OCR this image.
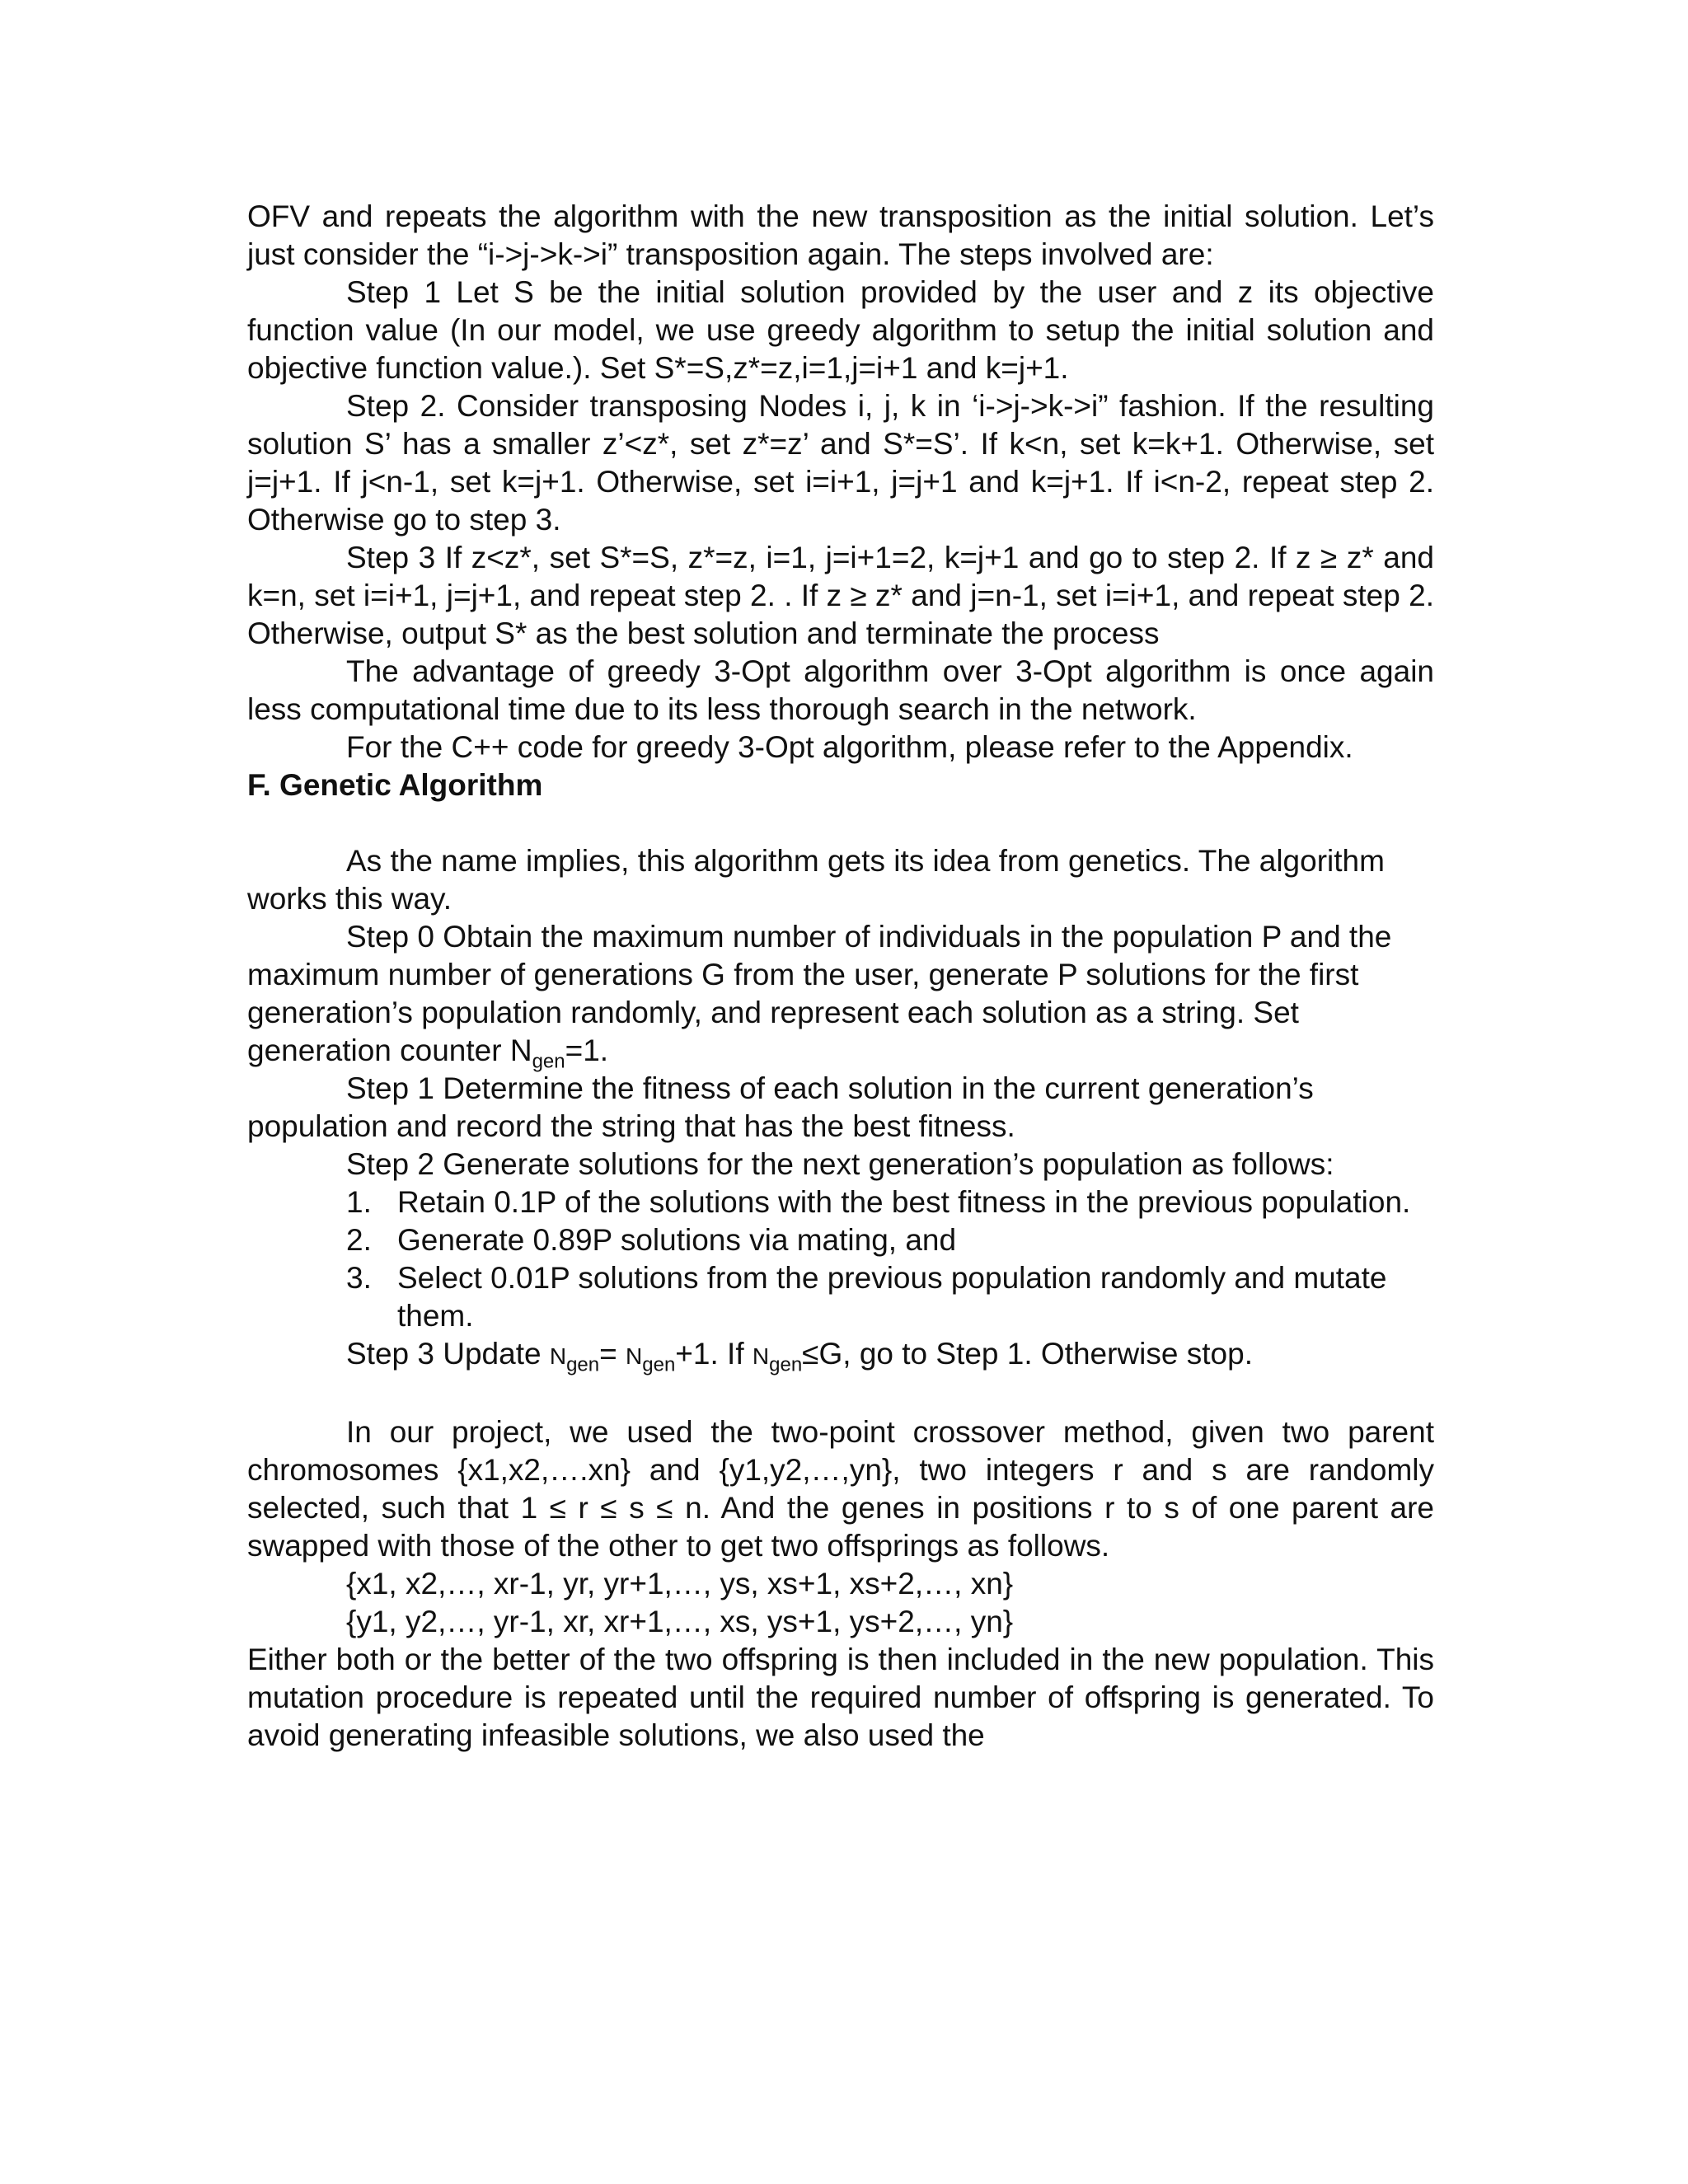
OFV and repeats the algorithm with the new transposition as the initial solution. Let’s just consider the “i->j->k->i” transposition again. The steps involved are:

Step 1 Let S be the initial solution provided by the user and z its objective function value (In our model, we use greedy algorithm to setup the initial solution and objective function value.). Set S*=S,z*=z,i=1,j=i+1 and k=j+1.

Step 2. Consider transposing Nodes i, j, k in ‘i->j->k->i” fashion. If the resulting solution S’ has a smaller z’<z*, set z*=z’ and S*=S’. If k<n, set k=k+1. Otherwise, set j=j+1. If j<n-1, set k=j+1. Otherwise, set i=i+1, j=j+1 and k=j+1. If i<n-2, repeat step 2. Otherwise go to step 3.

Step 3 If z<z*, set S*=S, z*=z, i=1, j=i+1=2, k=j+1 and go to step 2. If z ≥ z* and k=n, set i=i+1, j=j+1, and repeat step 2. . If z ≥ z* and j=n-1, set i=i+1, and repeat step 2. Otherwise, output S* as the best solution and terminate the process

The advantage of greedy 3-Opt algorithm over 3-Opt algorithm is once again less computational time due to its less thorough search in the network.

For the C++ code for greedy 3-Opt algorithm, please refer to the Appendix.

F. Genetic Algorithm

As the name implies, this algorithm gets its idea from genetics. The algorithm works this way.

Step 0 Obtain the maximum number of individuals in the population P and the maximum number of generations G from the user, generate P solutions for the first generation’s population randomly, and represent each solution as a string. Set generation counter $N_{gen}=1$.

Step 1 Determine the fitness of each solution in the current generation’s population and record the string that has the best fitness.

Step 2 Generate solutions for the next generation’s population as follows:

1. Retain 0.1P of the solutions with the best fitness in the previous population.
2. Generate 0.89P solutions via mating, and
3. Select 0.01P solutions from the previous population randomly and mutate them.

Step 3 Update $N_{gen}= N_{gen}+1$. If $N_{gen}\le G$, go to Step 1. Otherwise stop.

In our project, we used the two-point crossover method, given two parent chromosomes {x1,x2,….xn} and {y1,y2,…,yn}, two integers r and s are randomly selected, such that 1 ≤ r ≤ s ≤ n. And the genes in positions r to s of one parent are swapped with those of the other to get two offsprings as follows.

{x1, x2,…, xr-1, yr, yr+1,…, ys, xs+1, xs+2,…, xn}

{y1, y2,…, yr-1, xr, xr+1,…, xs, ys+1, ys+2,…, yn}

Either both or the better of the two offspring is then included in the new population. This mutation procedure is repeated until the required number of offspring is generated. To avoid generating infeasible solutions, we also used the
